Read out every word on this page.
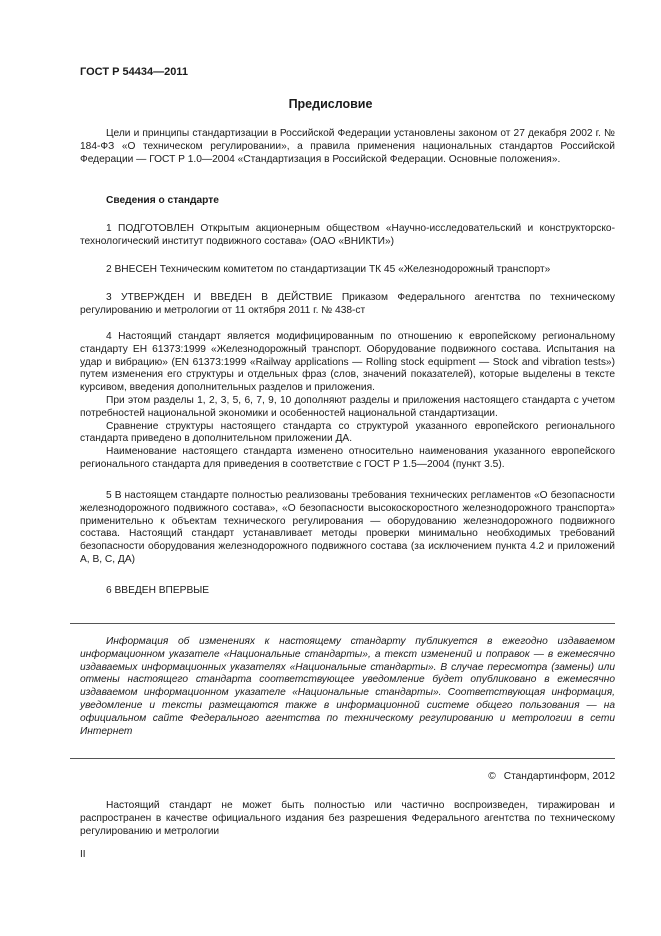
ГОСТ Р 54434—2011
Предисловие

Цели и принципы стандартизации в Российской Федерации установлены законом от 27 декабря 2002 г. № 184-ФЗ «О техническом регулировании», а правила применения национальных стандартов Российской Федерации — ГОСТ Р 1.0—2004 «Стандартизация в Российской Федерации. Основные положения».

Сведения о стандарте

1 ПОДГОТОВЛЕН Открытым акционерным обществом «Научно-исследовательский и конструкторско-технологический институт подвижного состава» (ОАО «ВНИКТИ»)

2 ВНЕСЕН Техническим комитетом по стандартизации ТК 45 «Железнодорожный транспорт»

3 УТВЕРЖДЕН И ВВЕДЕН В ДЕЙСТВИЕ Приказом Федерального агентства по техническому регулированию и метрологии от 11 октября 2011 г. № 438-ст

4 Настоящий стандарт является модифицированным по отношению к европейскому региональному стандарту ЕН 61373:1999 «Железнодорожный транспорт. Оборудование подвижного состава. Испытания на удар и вибрацию» (EN 61373:1999 «Railway applications — Rolling stock equipment — Stock and vibration tests») путем изменения его структуры и отдельных фраз (слов, значений показателей), которые выделены в тексте курсивом, введения дополнительных разделов и приложения.

При этом разделы 1, 2, 3, 5, 6, 7, 9, 10 дополняют разделы и приложения настоящего стандарта с учетом потребностей национальной экономики и особенностей национальной стандартизации.

Сравнение структуры настоящего стандарта со структурой указанного европейского регионального стандарта приведено в дополнительном приложении ДА.

Наименование настоящего стандарта изменено относительно наименования указанного европейского регионального стандарта для приведения в соответствие с ГОСТ Р 1.5—2004 (пункт 3.5).

5 В настоящем стандарте полностью реализованы требования технических регламентов «О безопасности железнодорожного подвижного состава», «О безопасности высокоскоростного железнодорожного транспорта» применительно к объектам технического регулирования — оборудованию железнодорожного подвижного состава. Настоящий стандарт устанавливает методы проверки минимально необходимых требований безопасности оборудования железнодорожного подвижного состава (за исключением пункта 4.2 и приложений А, В, С, ДА)

6 ВВЕДЕН ВПЕРВЫЕ

Информация об изменениях к настоящему стандарту публикуется в ежегодно издаваемом информационном указателе «Национальные стандарты», а текст изменений и поправок — в ежемесячно издаваемых информационных указателях «Национальные стандарты». В случае пересмотра (замены) или отмены настоящего стандарта соответствующее уведомление будет опубликовано в ежемесячно издаваемом информационном указателе «Национальные стандарты». Соответствующая информация, уведомление и тексты размещаются также в информационной системе общего пользования — на официальном сайте Федерального агентства по техническому регулированию и метрологии в сети Интернет

© Стандартинформ, 2012

Настоящий стандарт не может быть полностью или частично воспроизведен, тиражирован и распространен в качестве официального издания без разрешения Федерального агентства по техническому регулированию и метрологии

II
